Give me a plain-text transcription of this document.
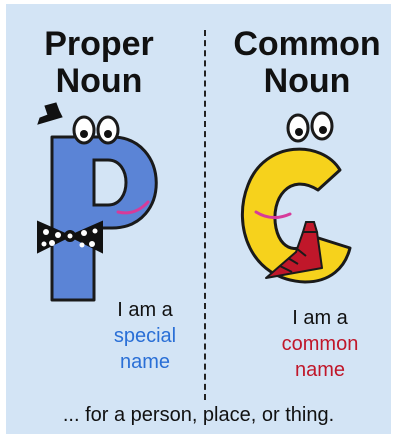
Proper
Noun
Common
Noun
I am a
special
name
I am a
common
name
... for a person, place, or thing.
